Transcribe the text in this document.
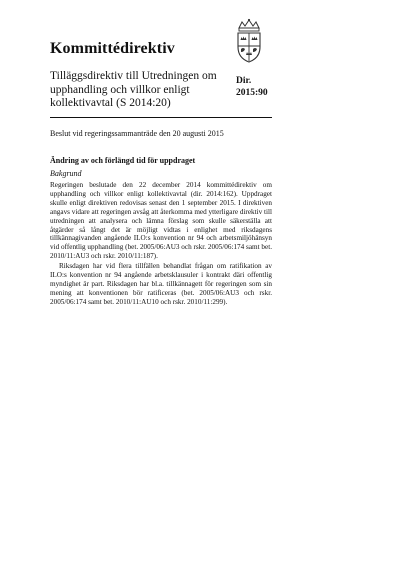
Kommittédirektiv
Tilläggsdirektiv till Utredningen om upphandling och villkor enligt kollektivavtal (S 2014:20)
Dir.
2015:90
Beslut vid regeringssammanträde den 20 augusti 2015
Ändring av och förlängd tid för uppdraget
Bakgrund

Regeringen beslutade den 22 december 2014 kommittédirektiv om upphandling och villkor enligt kollektivavtal (dir. 2014:162). Uppdraget skulle enligt direktiven redovisas senast den 1 september 2015. I direktiven angavs vidare att regeringen avsåg att återkomma med ytterligare direktiv till utredningen att analysera och lämna förslag som skulle säkerställa att åtgärder så långt det är möjligt vidtas i enlighet med riksdagens tillkännagivanden angående ILO:s konvention nr 94 och arbetsmiljöhänsyn vid offentlig upphandling (bet. 2005/06:AU3 och rskr. 2005/06:174 samt bet. 2010/11:AU3 och rskr. 2010/11:187).

Riksdagen har vid flera tillfällen behandlat frågan om ratifikation av ILO:s konvention nr 94 angående arbetsklausuler i kontrakt däri offentlig myndighet är part. Riksdagen har bl.a. tillkännagett för regeringen som sin mening att konventionen bör ratificeras (bet. 2005/06:AU3 och rskr. 2005/06:174 samt bet. 2010/11:AU10 och rskr. 2010/11:299).
